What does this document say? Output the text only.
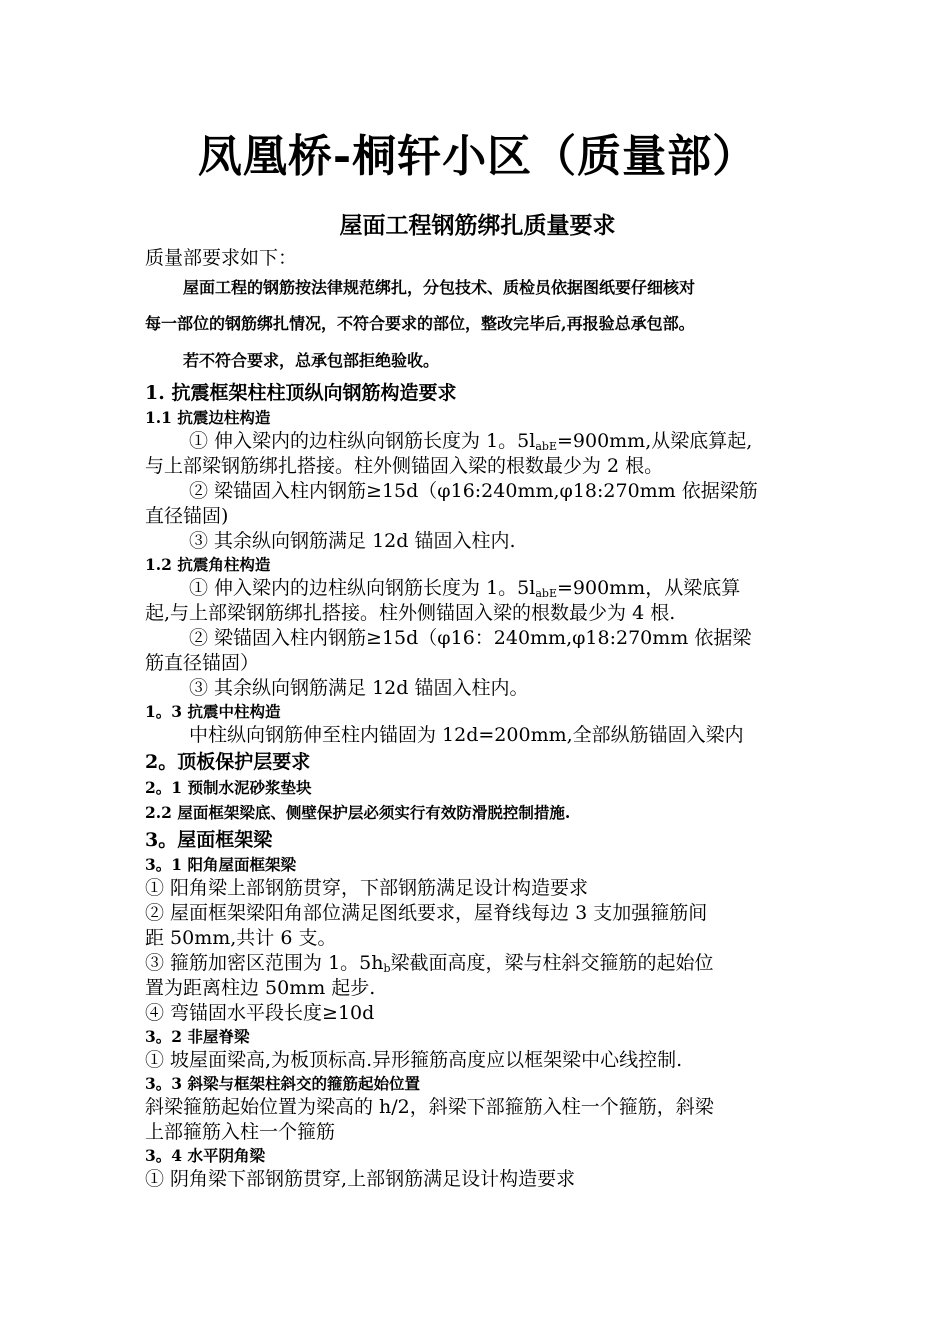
凤凰桥-桐轩小区（质量部）
屋面工程钢筋绑扎质量要求
质量部要求如下：
屋面工程的钢筋按法律规范绑扎，分包技术、质检员依据图纸要仔细核对
每一部位的钢筋绑扎情况，不符合要求的部位，整改完毕后,再报验总承包部。
若不符合要求，总承包部拒绝验收。
1. 抗震框架柱柱顶纵向钢筋构造要求
1.1 抗震边柱构造
① 伸入梁内的边柱纵向钢筋长度为 1。$5l_{abE}=900mm$,从梁底算起,
与上部梁钢筋绑扎搭接。柱外侧锚固入梁的根数最少为 2 根。
② 梁锚固入柱内钢筋≥15d（φ16:240mm,φ18:270mm 依据梁筋
直径锚固)
③ 其余纵向钢筋满足 12d 锚固入柱内.
1.2 抗震角柱构造
① 伸入梁内的边柱纵向钢筋长度为 1。$5l_{abE}=900mm$，从梁底算
起,与上部梁钢筋绑扎搭接。柱外侧锚固入梁的根数最少为 4 根.
② 梁锚固入柱内钢筋≥15d（φ16：240mm,φ18:270mm 依据梁
筋直径锚固）
③ 其余纵向钢筋满足 12d 锚固入柱内。
1。3 抗震中柱构造
中柱纵向钢筋伸至柱内锚固为 12d=200mm,全部纵筋锚固入梁内
2。顶板保护层要求
2。1 预制水泥砂浆垫块
2.2 屋面框架梁底、侧壁保护层必须实行有效防滑脱控制措施.
3。屋面框架梁
3。1 阳角屋面框架梁
① 阳角梁上部钢筋贯穿，下部钢筋满足设计构造要求
② 屋面框架梁阳角部位满足图纸要求，屋脊线每边 3 支加强箍筋间
距 50mm,共计 6 支。
③ 箍筋加密区范围为 1。$5h_b$梁截面高度，梁与柱斜交箍筋的起始位
置为距离柱边 50mm 起步.
④ 弯锚固水平段长度≥10d
3。2 非屋脊梁
① 坡屋面梁高,为板顶标高.异形箍筋高度应以框架梁中心线控制.
3。3 斜梁与框架柱斜交的箍筋起始位置
斜梁箍筋起始位置为梁高的 h/2，斜梁下部箍筋入柱一个箍筋，斜梁
上部箍筋入柱一个箍筋
3。4 水平阴角梁
① 阴角梁下部钢筋贯穿,上部钢筋满足设计构造要求
